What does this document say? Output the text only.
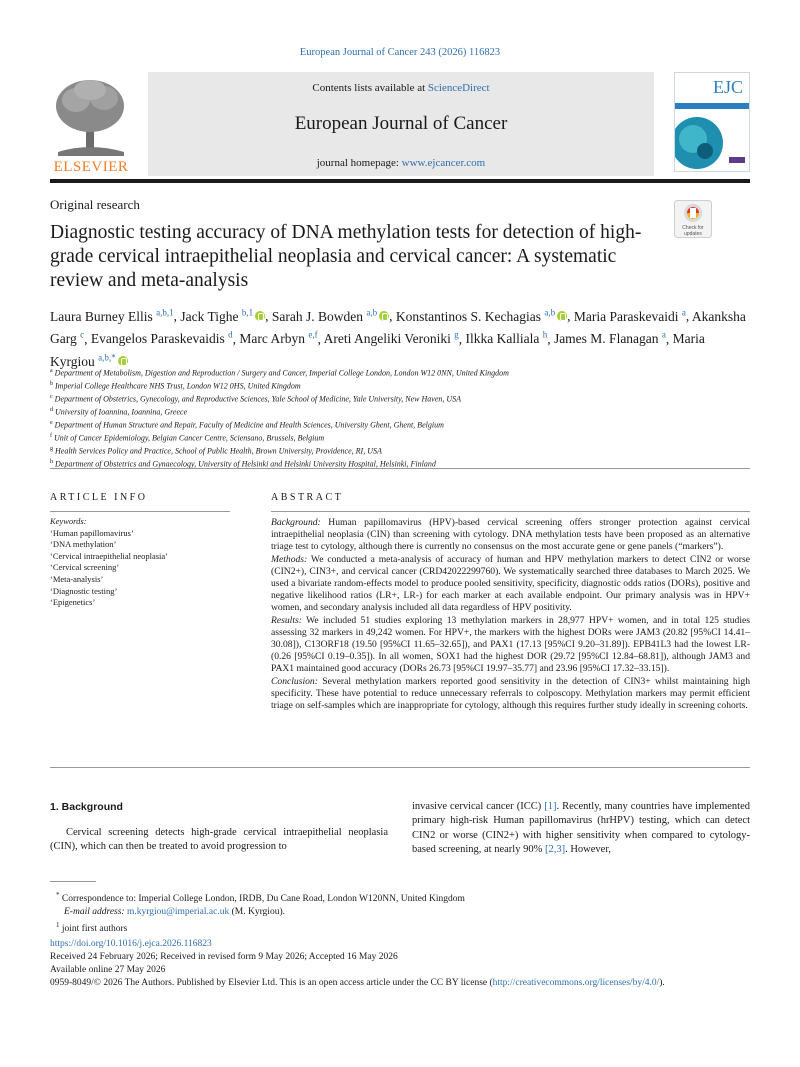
European Journal of Cancer 243 (2026) 116823
ELSEVIER
Contents lists available at ScienceDirect
European Journal of Cancer
journal homepage: www.ejcancer.com
EJC
Original research
Check for
updates
Diagnostic testing accuracy of DNA methylation tests for detection of high-grade cervical intraepithelial neoplasia and cervical cancer: A systematic review and meta-analysis
Laura Burney Ellis $^{a,b,1}$, Jack Tighe $^{b,1}$ , Sarah J. Bowden $^{a,b}$ , Konstantinos S. Kechagias $^{a,b}$ , Maria Paraskevaidi $^a$, Akanksha Garg $^c$, Evangelos Paraskevaidis $^d$, Marc Arbyn $^{e,f}$, Areti Angeliki Veroniki $^g$, Ilkka Kalliala $^h$, James M. Flanagan $^a$, Maria Kyrgiou $^{a,b,*}$
$^a$ Department of Metabolism, Digestion and Reproduction / Surgery and Cancer, Imperial College London, London W12 0NN, United Kingdom
$^b$ Imperial College Healthcare NHS Trust, London W12 0HS, United Kingdom
$^c$ Department of Obstetrics, Gynecology, and Reproductive Sciences, Yale School of Medicine, Yale University, New Haven, USA
$^d$ University of Ioannina, Ioannina, Greece
$^e$ Department of Human Structure and Repair, Faculty of Medicine and Health Sciences, University Ghent, Ghent, Belgium
$^f$ Unit of Cancer Epidemiology, Belgian Cancer Centre, Sciensano, Brussels, Belgium
$^g$ Health Services Policy and Practice, School of Public Health, Brown University, Providence, RI, USA
$^h$ Department of Obstetrics and Gynaecology, University of Helsinki and Helsinki University Hospital, Helsinki, Finland
ARTICLE INFO
Keywords:
‘Human papillomavirus’
‘DNA methylation’
‘Cervical intraepithelial neoplasia’
‘Cervical screening’
‘Meta-analysis’
‘Diagnostic testing’
‘Epigenetics’
ABSTRACT

Background: Human papillomavirus (HPV)-based cervical screening offers stronger protection against cervical intraepithelial neoplasia (CIN) than screening with cytology. DNA methylation tests have been proposed as an alternative triage test to cytology, although there is currently no consensus on the most accurate gene or gene panels (“markers”).

Methods: We conducted a meta-analysis of accuracy of human and HPV methylation markers to detect CIN2 or worse (CIN2+), CIN3+, and cervical cancer (CRD42022299760). We systematically searched three databases to March 2025. We used a bivariate random-effects model to produce pooled sensitivity, specificity, diagnostic odds ratios (DORs), positive and negative likelihood ratios (LR+, LR-) for each marker at each available endpoint. Our primary analysis was in HPV+ women, and secondary analysis included all data regardless of HPV positivity.

Results: We included 51 studies exploring 13 methylation markers in 28,977 HPV+ women, and in total 125 studies assessing 32 markers in 49,242 women. For HPV+, the markers with the highest DORs were JAM3 (20.82 [95%CI 14.41–30.08]), C13ORF18 (19.50 [95%CI 11.65–32.65]), and PAX1 (17.13 [95%CI 9.20–31.89]). EPB41L3 had the lowest LR- (0.26 [95%CI 0.19–0.35]). In all women, SOX1 had the highest DOR (29.72 [95%CI 12.84–68.81]), although JAM3 and PAX1 maintained good accuracy (DORs 26.73 [95%CI 19.97–35.77] and 23.96 [95%CI 17.32–33.15]).

Conclusion: Several methylation markers reported good sensitivity in the detection of CIN3+ whilst maintaining high specificity. These have potential to reduce unnecessary referrals to colposcopy. Methylation markers may permit efficient triage on self-samples which are inappropriate for cytology, although this requires further study ideally in screening cohorts.

1. Background
Cervical screening detects high-grade cervical intraepithelial neoplasia (CIN), which can then be treated to avoid progression to
invasive cervical cancer (ICC) [1]. Recently, many countries have implemented primary high-risk Human papillomavirus (hrHPV) testing, which can detect CIN2 or worse (CIN2+) with higher sensitivity when compared to cytology-based screening, at nearly 90% [2,3]. However,
* Correspondence to: Imperial College London, IRDB, Du Cane Road, London W120NN, United Kingdom
E-mail address: m.kyrgiou@imperial.ac.uk (M. Kyrgiou).
$^1$ joint first authors
https://doi.org/10.1016/j.ejca.2026.116823
Received 24 February 2026; Received in revised form 9 May 2026; Accepted 16 May 2026
Available online 27 May 2026
0959-8049/© 2026 The Authors. Published by Elsevier Ltd. This is an open access article under the CC BY license (http://creativecommons.org/licenses/by/4.0/).
